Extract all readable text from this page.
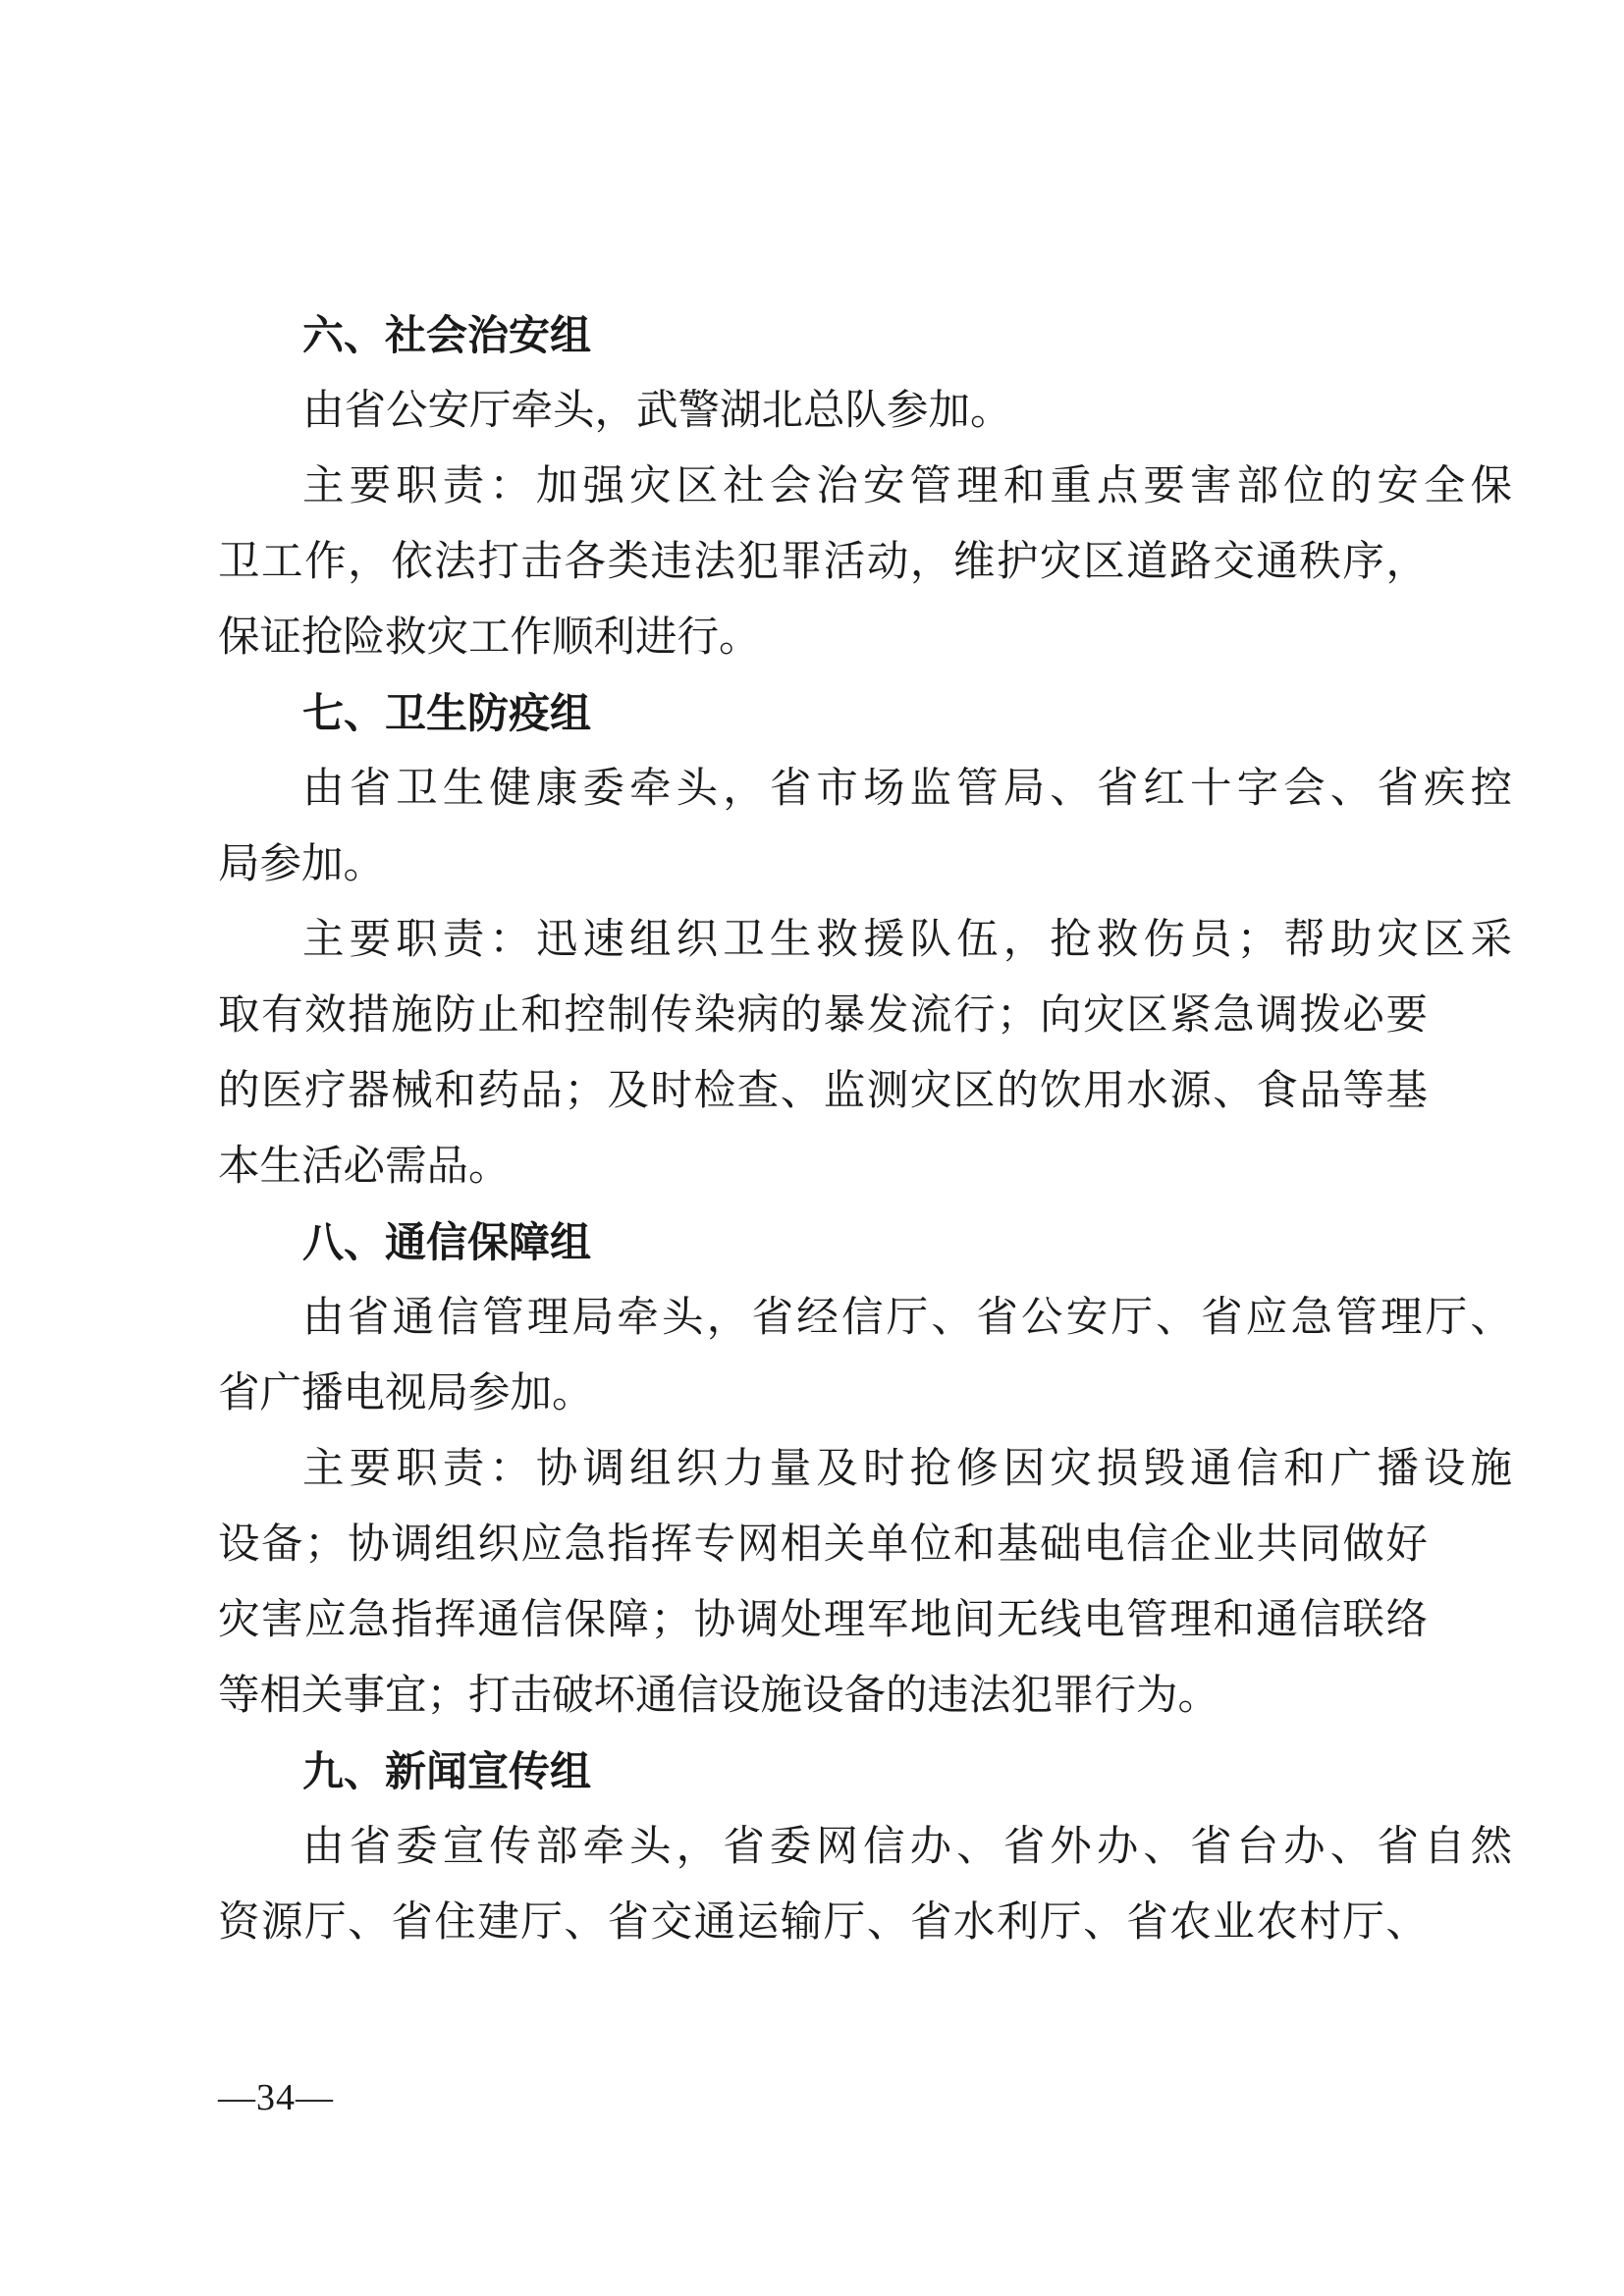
六、社会治安组
由省公安厅牵头，武警湖北总队参加。
主要职责：加强灾区社会治安管理和重点要害部位的安全保
卫工作，依法打击各类违法犯罪活动，维护灾区道路交通秩序，
保证抢险救灾工作顺利进行。
七、卫生防疫组
由省卫生健康委牵头，省市场监管局、省红十字会、省疾控
局参加。
主要职责：迅速组织卫生救援队伍，抢救伤员；帮助灾区采
取有效措施防止和控制传染病的暴发流行；向灾区紧急调拨必要
的医疗器械和药品；及时检查、监测灾区的饮用水源、食品等基
本生活必需品。
八、通信保障组
由省通信管理局牵头，省经信厅、省公安厅、省应急管理厅、
省广播电视局参加。
主要职责：协调组织力量及时抢修因灾损毁通信和广播设施
设备；协调组织应急指挥专网相关单位和基础电信企业共同做好
灾害应急指挥通信保障；协调处理军地间无线电管理和通信联络
等相关事宜；打击破坏通信设施设备的违法犯罪行为。
九、新闻宣传组
由省委宣传部牵头，省委网信办、省外办、省台办、省自然
资源厅、省住建厅、省交通运输厅、省水利厅、省农业农村厅、
—34—
